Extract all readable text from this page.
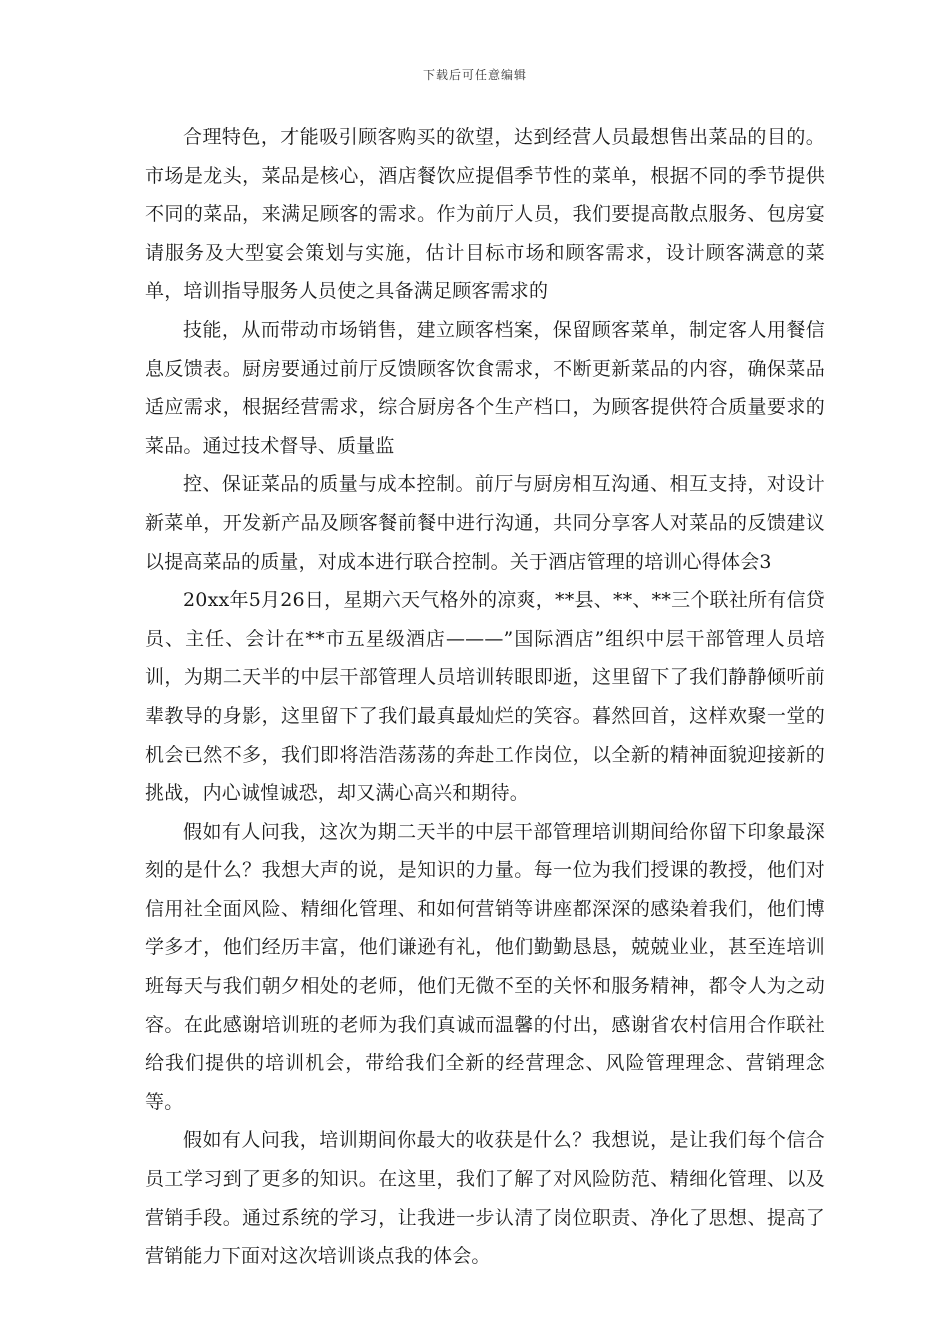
下载后可任意编辑

合理特色，才能吸引顾客购买的欲望，达到经营人员最想售出菜品的目的。市场是龙头，菜品是核心，酒店餐饮应提倡季节性的菜单，根据不同的季节提供不同的菜品，来满足顾客的需求。作为前厅人员，我们要提高散点服务、包房宴请服务及大型宴会策划与实施，估计目标市场和顾客需求，设计顾客满意的菜单，培训指导服务人员使之具备满足顾客需求的

技能，从而带动市场销售，建立顾客档案，保留顾客菜单，制定客人用餐信息反馈表。厨房要通过前厅反馈顾客饮食需求，不断更新菜品的内容，确保菜品适应需求，根据经营需求，综合厨房各个生产档口，为顾客提供符合质量要求的菜品。通过技术督导、质量监

控、保证菜品的质量与成本控制。前厅与厨房相互沟通、相互支持，对设计新菜单，开发新产品及顾客餐前餐中进行沟通，共同分享客人对菜品的反馈建议以提高菜品的质量，对成本进行联合控制。关于酒店管理的培训心得体会3

20xx年5月26日，星期六天气格外的凉爽，**县、**、**三个联社所有信贷员、主任、会计在**市五星级酒店———”国际酒店”组织中层干部管理人员培训，为期二天半的中层干部管理人员培训转眼即逝，这里留下了我们静静倾听前辈教导的身影，这里留下了我们最真最灿烂的笑容。暮然回首，这样欢聚一堂的机会已然不多，我们即将浩浩荡荡的奔赴工作岗位，以全新的精神面貌迎接新的挑战，内心诚惶诚恐，却又满心高兴和期待。

假如有人问我，这次为期二天半的中层干部管理培训期间给你留下印象最深刻的是什么？我想大声的说，是知识的力量。每一位为我们授课的教授，他们对信用社全面风险、精细化管理、和如何营销等讲座都深深的感染着我们，他们博学多才，他们经历丰富，他们谦逊有礼，他们勤勤恳恳，兢兢业业，甚至连培训班每天与我们朝夕相处的老师，他们无微不至的关怀和服务精神，都令人为之动容。在此感谢培训班的老师为我们真诚而温馨的付出，感谢省农村信用合作联社给我们提供的培训机会，带给我们全新的经营理念、风险管理理念、营销理念等。

假如有人问我，培训期间你最大的收获是什么？我想说，是让我们每个信合员工学习到了更多的知识。在这里，我们了解了对风险防范、精细化管理、以及营销手段。通过系统的学习，让我进一步认清了岗位职责、净化了思想、提高了营销能力下面对这次培训谈点我的体会。
